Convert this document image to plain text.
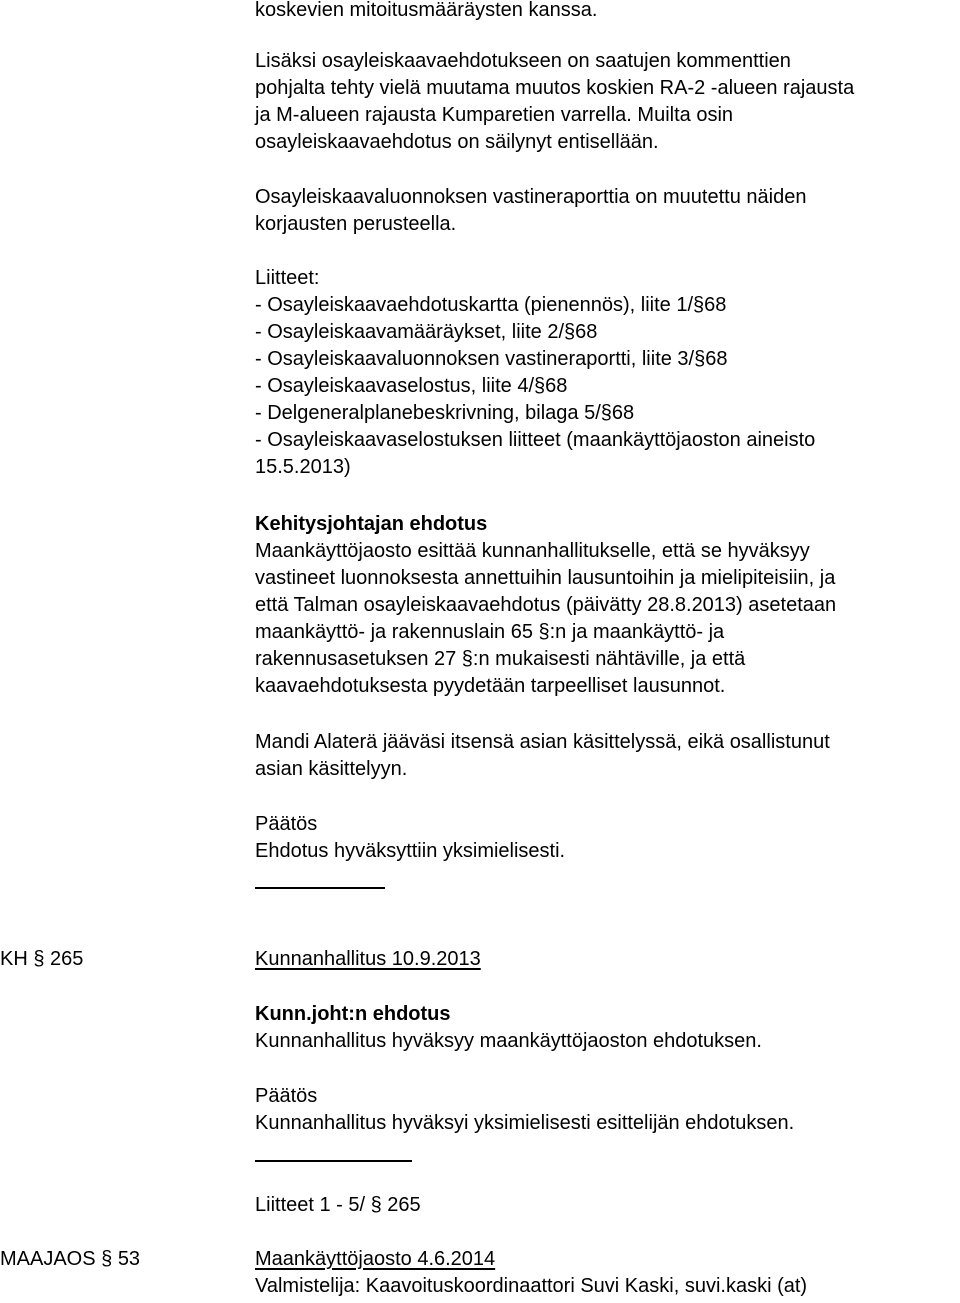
koskevien mitoitusmääräysten kanssa.
Lisäksi osayleiskaavaehdotukseen on saatujen kommenttien
pohjalta tehty vielä muutama muutos koskien RA-2 -alueen rajausta
ja M-alueen rajausta Kumparetien varrella. Muilta osin
osayleiskaavaehdotus on säilynyt entisellään.
Osayleiskaavaluonnoksen vastineraporttia on muutettu näiden
korjausten perusteella.
Liitteet:
- Osayleiskaavaehdotuskartta (pienennös), liite 1/§68
- Osayleiskaavamääräykset, liite 2/§68
- Osayleiskaavaluonnoksen vastineraportti, liite 3/§68
- Osayleiskaavaselostus, liite 4/§68
- Delgeneralplanebeskrivning, bilaga 5/§68
- Osayleiskaavaselostuksen liitteet (maankäyttöjaoston aineisto
15.5.2013)
Kehitysjohtajan ehdotus
Maankäyttöjaosto esittää kunnanhallitukselle, että se hyväksyy
vastineet luonnoksesta annettuihin lausuntoihin ja mielipiteisiin, ja
että Talman osayleiskaavaehdotus (päivätty 28.8.2013) asetetaan
maankäyttö- ja rakennuslain 65 §:n ja maankäyttö- ja
rakennusasetuksen 27 §:n mukaisesti nähtäville, ja että
kaavaehdotuksesta pyydetään tarpeelliset lausunnot.
Mandi Alaterä jääväsi itsensä asian käsittelyssä, eikä osallistunut
asian käsittelyyn.
Päätös
Ehdotus hyväksyttiin yksimielisesti.
KH § 265	Kunnanhallitus 10.9.2013
Kunn.joht:n ehdotus
Kunnanhallitus hyväksyy maankäyttöjaoston ehdotuksen.
Päätös
Kunnanhallitus hyväksyi yksimielisesti esittelijän ehdotuksen.
Liitteet 1 - 5/ § 265
MAAJAOS § 53	Maankäyttöjaosto 4.6.2014
Valmistelija: Kaavoituskoordinaattori Suvi Kaski, suvi.kaski (at)
